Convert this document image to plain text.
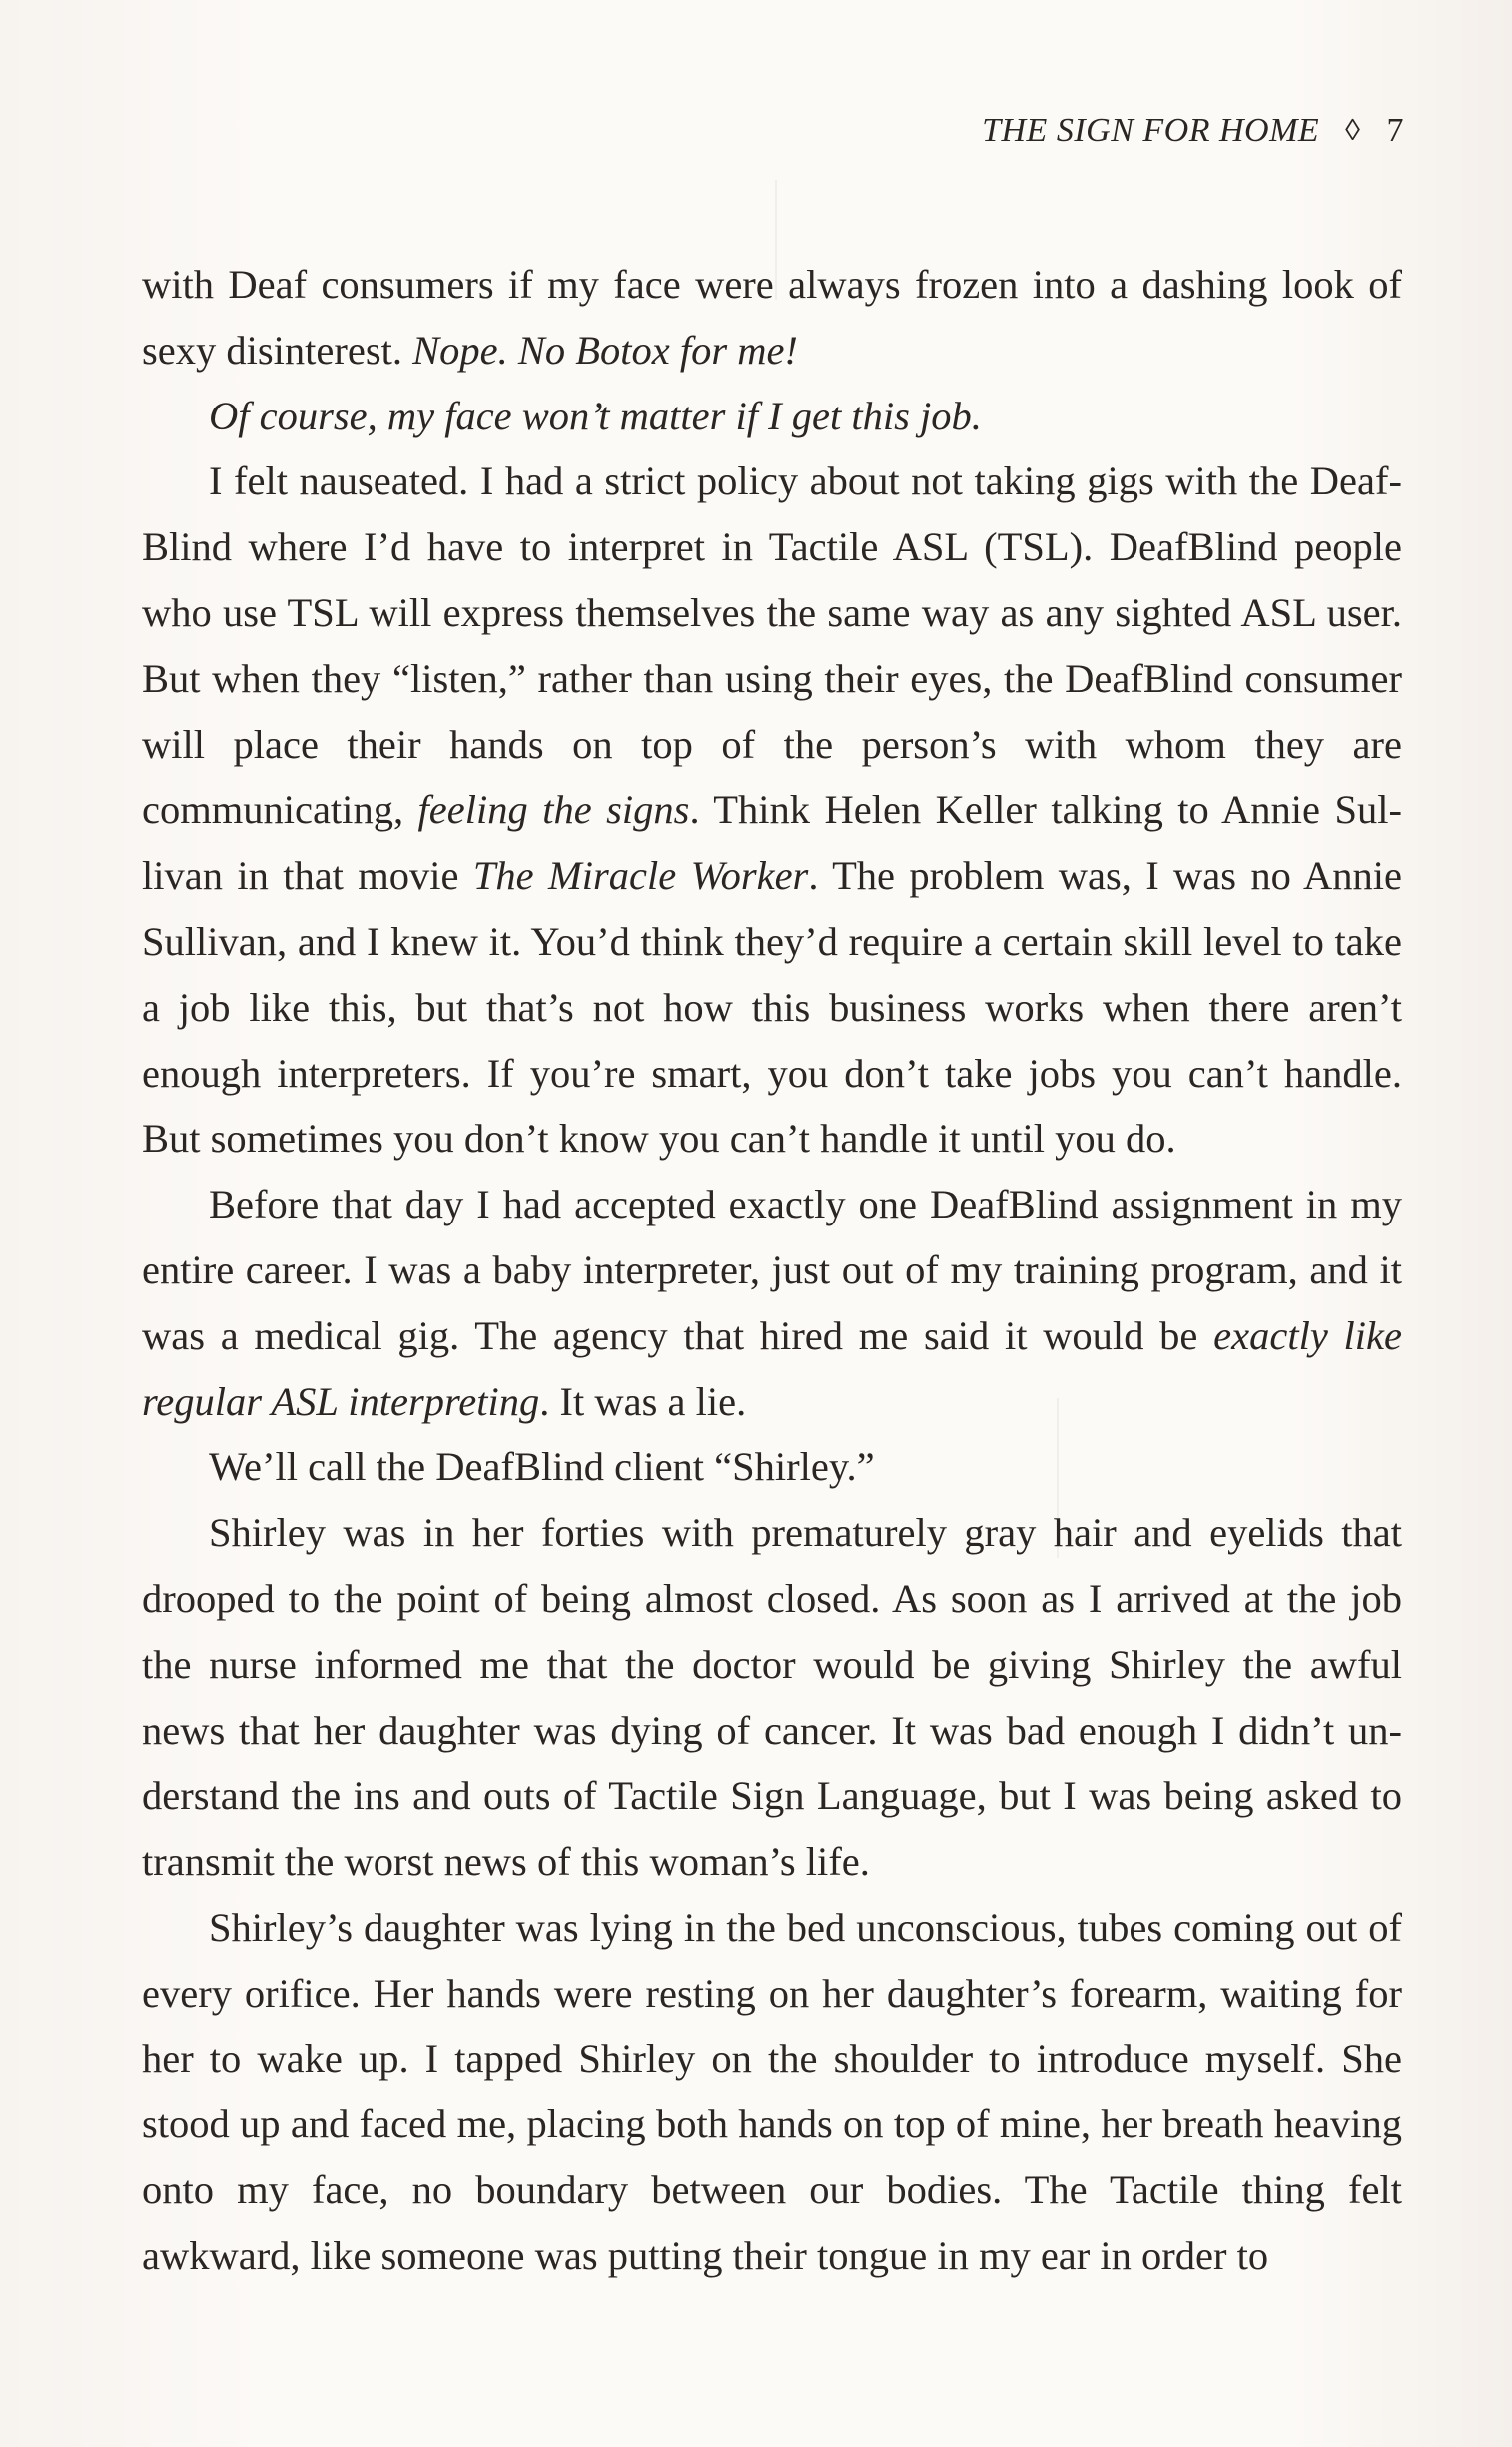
THE SIGN FOR HOME ◊ 7

with Deaf consumers if my face were always frozen into a dashing look of sexy disinterest. Nope. No Botox for me!

Of course, my face won’t matter if I get this job.

I felt nauseated. I had a strict policy about not taking gigs with the DeafBlind where I’d have to interpret in Tactile ASL (TSL). DeafBlind people who use TSL will express themselves the same way as any sighted ASL user. But when they “listen,” rather than using their eyes, the DeafBlind consumer will place their hands on top of the person’s with whom they are communicating, feeling the signs. Think Helen Keller talking to Annie Sullivan in that movie The Miracle Worker. The problem was, I was no Annie Sullivan, and I knew it. You’d think they’d require a certain skill level to take a job like this, but that’s not how this business works when there aren’t enough interpreters. If you’re smart, you don’t take jobs you can’t handle. But sometimes you don’t know you can’t handle it until you do.

Before that day I had accepted exactly one DeafBlind assignment in my entire career. I was a baby interpreter, just out of my training program, and it was a medical gig. The agency that hired me said it would be exactly like regular ASL interpreting. It was a lie.

We’ll call the DeafBlind client “Shirley.”

Shirley was in her forties with prematurely gray hair and eyelids that drooped to the point of being almost closed. As soon as I arrived at the job the nurse informed me that the doctor would be giving Shirley the awful news that her daughter was dying of cancer. It was bad enough I didn’t understand the ins and outs of Tactile Sign Language, but I was being asked to transmit the worst news of this woman’s life.

Shirley’s daughter was lying in the bed unconscious, tubes coming out of every orifice. Her hands were resting on her daughter’s forearm, waiting for her to wake up. I tapped Shirley on the shoulder to introduce myself. She stood up and faced me, placing both hands on top of mine, her breath heaving onto my face, no boundary between our bodies. The Tactile thing felt awkward, like someone was putting their tongue in my ear in order to
